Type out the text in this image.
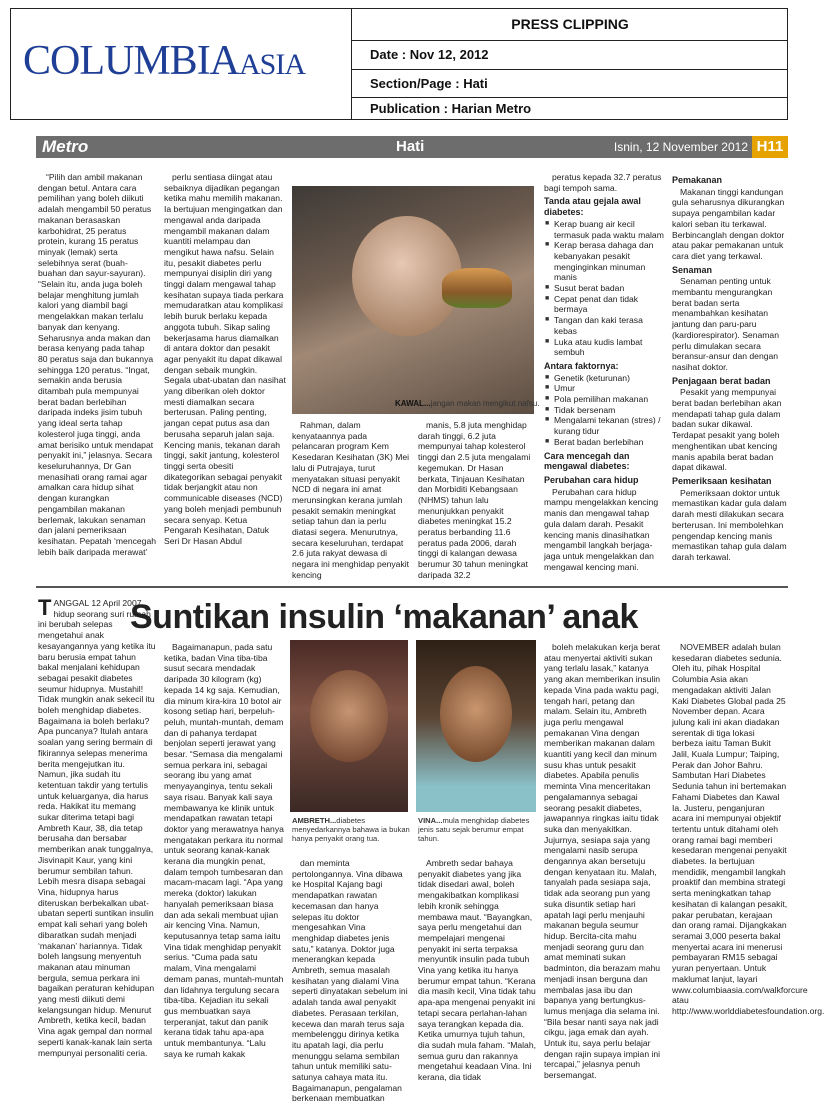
COLUMBIAASIA
PRESS CLIPPING
Date : Nov 12, 2012
Section/Page : Hati
Publication : Harian Metro
Metro	Hati	Isnin, 12 November 2012 H11

“Pilih dan ambil makanan dengan betul. Antara cara pemilihan yang boleh diikuti adalah mengambil 50 peratus makanan berasaskan karbohidrat, 25 peratus protein, kurang 15 peratus minyak (lemak) serta selebihnya serat (buah-buahan dan sayur-sayuran). “Selain itu, anda juga boleh belajar menghitung jumlah kalori yang diambil bagi mengelakkan makan terlalu banyak dan kenyang. Seharusnya anda makan dan berasa kenyang pada tahap 80 peratus saja dan bukannya sehingga 120 peratus. “Ingat, semakin anda berusia ditambah pula mempunyai berat badan berlebihan daripada indeks jisim tubuh yang ideal serta tahap kolesterol juga tinggi, anda amat berisiko untuk mendapat penyakit ini,” jelasnya. Secara keseluruhannya, Dr Gan menasihati orang ramai agar amalkan cara hidup sihat dengan kurangkan pengambilan makanan berlemak, lakukan senaman dan jalani pemeriksaan kesihatan. Pepatah ‘mencegah lebih baik daripada merawat’

perlu sentiasa diingat atau sebaiknya dijadikan pegangan ketika mahu memilih makanan. Ia bertujuan mengingatkan dan mengawal anda daripada mengambil makanan dalam kuantiti melampau dan mengikut hawa nafsu. Selain itu, pesakit diabetes perlu mempunyai disiplin diri yang tinggi dalam mengawal tahap kesihatan supaya tiada perkara memudaratkan atau komplikasi lebih buruk berlaku kepada anggota tubuh. Sikap saling bekerjasama harus diamalkan di antara doktor dan pesakit agar penyakit itu dapat dikawal dengan sebaik mungkin. Segala ubat-ubatan dan nasihat yang diberikan oleh doktor mesti diamalkan secara berterusan. Paling penting, jangan cepat putus asa dan berusaha separuh jalan saja. Kencing manis, tekanan darah tinggi, sakit jantung, kolesterol tinggi serta obesiti dikategorikan sebagai penyakit tidak berjangkit atau non communicable diseases (NCD) yang boleh menjadi pembunuh secara senyap. Ketua Pengarah Kesihatan, Datuk Seri Dr Hasan Abdul

KAWAL...jangan makan mengikut nafsu.

Rahman, dalam kenyataannya pada pelancaran program Kem Kesedaran Kesihatan (3K) Mei lalu di Putrajaya, turut menyatakan situasi penyakit NCD di negara ini amat merunsingkan kerana jumlah pesakit semakin meningkat setiap tahun dan ia perlu diatasi segera. Menurutnya, secara keseluruhan, terdapat 2.6 juta rakyat dewasa di negara ini menghidap penyakit kencing

manis, 5.8 juta menghidap darah tinggi, 6.2 juta mempunyai tahap kolesterol tinggi dan 2.5 juta mengalami kegemukan. Dr Hasan berkata, Tinjauan Kesihatan dan Morbiditi Kebangsaan (NHMS) tahun lalu menunjukkan penyakit diabetes meningkat 15.2 peratus berbanding 11.6 peratus pada 2006, darah tinggi di kalangan dewasa berumur 30 tahun meningkat daripada 32.2

peratus kepada 32.7 peratus bagi tempoh sama.

Tanda atau gejala awal diabetes:
■ Kerap buang air kecil termasuk pada waktu malam
■ Kerap berasa dahaga dan kebanyakan pesakit menginginkan minuman manis
■ Susut berat badan
■ Cepat penat dan tidak bermaya
■ Tangan dan kaki terasa kebas
■ Luka atau kudis lambat sembuh
Antara faktornya:
■ Genetik (keturunan)
■ Umur
■ Pola pemilihan makanan
■ Tidak bersenam
■ Mengalami tekanan (stres) / kurang tidur
■ Berat badan berlebihan
Cara mencegah dan mengawal diabetes:
Perubahan cara hidup

Perubahan cara hidup mampu mengelakkan kencing manis dan mengawal tahap gula dalam darah. Pesakit kencing manis dinasihatkan mengambil langkah berjaga-jaga untuk mengelakkan dan mengawal kencing mani.

Pemakanan

Makanan tinggi kandungan gula seharusnya dikurangkan supaya pengambilan kadar kalori seban itu terkawal. Berbincanglah dengan doktor atau pakar pemakanan untuk cara diet yang terkawal.

Senaman

Senaman penting untuk membantu mengurangkan berat badan serta menambahkan kesihatan jantung dan paru-paru (kardiorespirator). Senaman perlu dimulakan secara beransur-ansur dan dengan nasihat doktor.

Penjagaan berat badan

Pesakit yang mempunyai berat badan berlebihan akan mendapati tahap gula dalam badan sukar dikawal. Terdapat pesakit yang boleh menghentikan ubat kencing manis apabila berat badan dapat dikawal.

Pemeriksaan kesihatan

Pemeriksaan doktor untuk memastikan kadar gula dalam darah mesti dilakukan secara berterusan. Ini membolehkan pengendap kencing manis memastikan tahap gula dalam darah terkawal.

Suntikan insulin ‘makanan’ anak
TANGGAL 12 April 2007, hidup seorang suri rumah ini berubah selepas mengetahui anak kesayangannya yang ketika itu baru berusia empat tahun bakal menjalani kehidupan sebagai pesakit diabetes seumur hidupnya. Mustahil! Tidak mungkin anak sekecil itu boleh menghidap diabetes. Bagaimana ia boleh berlaku? Apa puncanya? Itulah antara soalan yang sering bermain di fikirannya selepas menerima berita mengejutkan itu. Namun, jika sudah itu ketentuan takdir yang tertulis untuk keluarganya, dia harus reda. Hakikat itu memang sukar diterima tetapi bagi Ambreth Kaur, 38, dia tetap berusaha dan bersabar memberikan anak tunggalnya, Jisvinapit Kaur, yang kini berumur sembilan tahun. Lebih mesra disapa sebagai Vina, hidupnya harus diteruskan berbekalkan ubat-ubatan seperti suntikan insulin empat kali sehari yang boleh dibaratkan sudah menjadi ‘makanan’ hariannya. Tidak boleh langsung menyentuh makanan atau minuman bergula, semua perkara ini bagaikan peraturan kehidupan yang mesti diikuti demi kelangsungan hidup. Menurut Ambreth, ketika kecil, badan Vina agak gempal dan normal seperti kanak-kanak lain serta mempunyai personaliti ceria.

Bagaimanapun, pada satu ketika, badan Vina tiba-tiba susut secara mendadak daripada 30 kilogram (kg) kepada 14 kg saja. Kemudian, dia minum kira-kira 10 botol air kosong setiap hari, berpeluh-peluh, muntah-muntah, demam dan di pahanya terdapat benjolan seperti jerawat yang besar. “Semasa dia mengalami semua perkara ini, sebagai seorang ibu yang amat menyayanginya, tentu sekali saya risau. Banyak kali saya membawanya ke klinik untuk mendapatkan rawatan tetapi doktor yang merawatnya hanya mengatakan perkara itu normal untuk seorang kanak-kanak kerana dia mungkin penat, dalam tempoh tumbesaran dan macam-macam lagi. “Apa yang mereka (doktor) lakukan hanyalah pemeriksaan biasa dan ada sekali membuat ujian air kencing Vina. Namun, keputusannya tetap sama iaitu Vina tidak menghidap penyakit serius. “Cuma pada satu malam, Vina mengalami demam panas, muntah-muntah dan lidahnya tergulung secara tiba-tiba. Kejadian itu sekali gus membuatkan saya terperanjat, takut dan panik kerana tidak tahu apa-apa untuk membantunya. “Lalu saya ke rumah kakak

AMBRETH...diabetes menyedarkannya bahawa ia bukan hanya penyakit orang tua.
VINA...mula menghidap diabetes jenis satu sejak berumur empat tahun.

dan meminta pertolongannya. Vina dibawa ke Hospital Kajang bagi mendapatkan rawatan kecemasan dan hanya selepas itu doktor mengesahkan Vina menghidap diabetes jenis satu,” katanya. Doktor juga menerangkan kepada Ambreth, semua masalah kesihatan yang dialami Vina seperti dinyatakan sebelum ini adalah tanda awal penyakit diabetes. Perasaan terkilan, kecewa dan marah terus saja membelenggu dirinya ketika itu apatah lagi, dia perlu menunggu selama sembilan tahun untuk memiliki satu-satunya cahaya mata itu. Bagaimanapun, pengalaman berkenaan membuatkan

Ambreth sedar bahaya penyakit diabetes yang jika tidak disedari awal, boleh mengakibatkan komplikasi lebih kronik sehingga membawa maut. “Bayangkan, saya perlu mengetahui dan mempelajari mengenai penyakit ini serta terpaksa menyuntik insulin pada tubuh Vina yang ketika itu hanya berumur empat tahun. “Kerana dia masih kecil, Vina tidak tahu apa-apa mengenai penyakit ini tetapi secara perlahan-lahan saya terangkan kepada dia. Ketika umurnya tujuh tahun, dia sudah mula faham. “Malah, semua guru dan rakannya mengetahui keadaan Vina. Ini kerana, dia tidak

boleh melakukan kerja berat atau menyertai aktiviti sukan yang terlalu lasak,” katanya yang akan memberikan insulin kepada Vina pada waktu pagi, tengah hari, petang dan malam. Selain itu, Ambreth juga perlu mengawal pemakanan Vina dengan memberikan makanan dalam kuantiti yang kecil dan minum susu khas untuk pesakit diabetes. Apabila penulis meminta Vina menceritakan pengalamannya sebagai seorang pesakit diabetes, jawapannya ringkas iaitu tidak suka dan menyakitkan. Jujurnya, sesiapa saja yang mengalami nasib serupa dengannya akan bersetuju dengan kenyataan itu. Malah, tanyalah pada sesiapa saja, tidak ada seorang pun yang suka disuntik setiap hari apatah lagi perlu menjauhi makanan begula seumur hidup. Bercita-cita mahu menjadi seorang guru dan amat meminati sukan badminton, dia berazam mahu menjadi insan berguna dan membalas jasa ibu dan bapanya yang bertungkus-lumus menjaga dia selama ini. “Bila besar nanti saya nak jadi cikgu, jaga emak dan ayah. Untuk itu, saya perlu belajar dengan rajin supaya impian ini tercapai,” jelasnya penuh bersemangat.

NOVEMBER adalah bulan kesedaran diabetes sedunia. Oleh itu, pihak Hospital Columbia Asia akan mengadakan aktiviti Jalan Kaki Diabetes Global pada 25 November depan. Acara julung kali ini akan diadakan serentak di tiga lokasi berbeza iaitu Taman Bukit Jalil, Kuala Lumpur; Taiping, Perak dan Johor Bahru. Sambutan Hari Diabetes Sedunia tahun ini bertemakan Fahami Diabetes dan Kawal Ia. Justeru, penganjuran acara ini mempunyai objektif tertentu untuk ditahami oleh orang ramai bagi memberi kesedaran mengenai penyakit diabetes. Ia bertujuan mendidik, mengambil langkah proaktif dan membina strategi serta meningkatkan tahap kesihatan di kalangan pesakit, pakar perubatan, kerajaan dan orang ramai. Dijangkakan seramai 3,000 peserta bakal menyertai acara ini menerusi pembayaran RM15 sebagai yuran penyertaan. Untuk maklumat lanjut, layari www.columbiaasia.com/walkforcure atau http://www.worlddiabetesfoundation.org.
